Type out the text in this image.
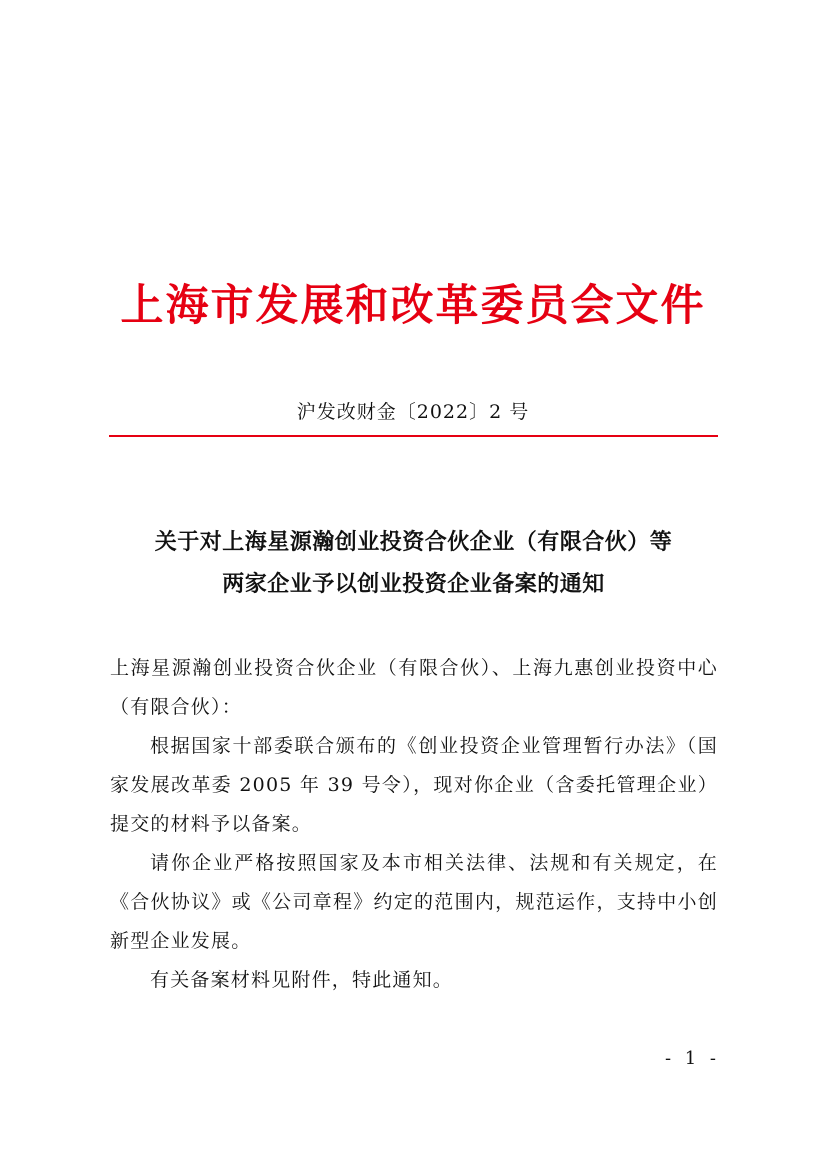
上海市发展和改革委员会文件
沪发改财金〔2022〕2 号
关于对上海星源瀚创业投资合伙企业（有限合伙）等
两家企业予以创业投资企业备案的通知

上海星源瀚创业投资合伙企业（有限合伙）、上海九惠创业投资中心（有限合伙）：

根据国家十部委联合颁布的《创业投资企业管理暂行办法》（国家发展改革委 2005 年 39 号令），现对你企业（含委托管理企业）提交的材料予以备案。

请你企业严格按照国家及本市相关法律、法规和有关规定，在《合伙协议》或《公司章程》约定的范围内，规范运作，支持中小创新型企业发展。

有关备案材料见附件，特此通知。

- 1 -
